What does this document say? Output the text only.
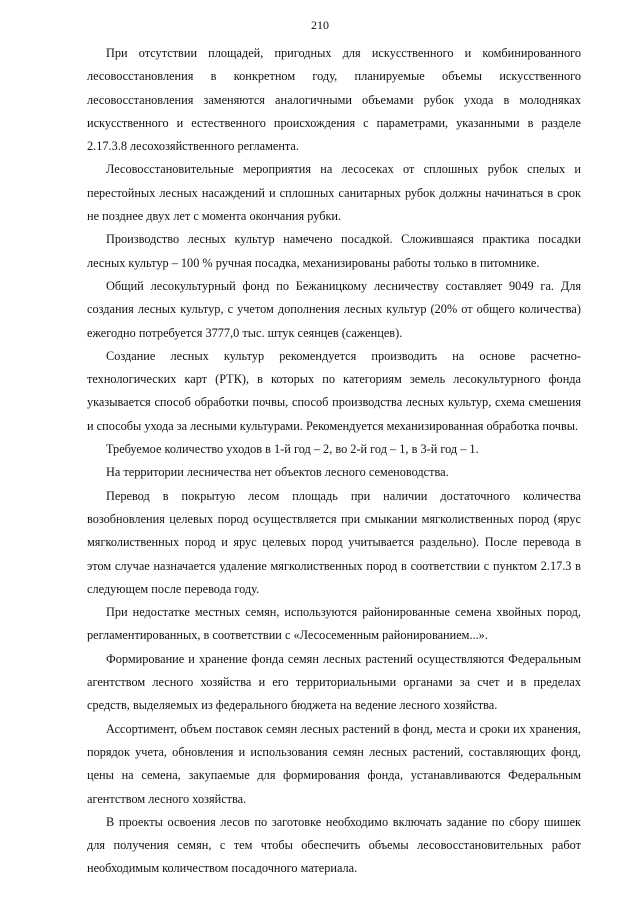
210

При отсутствии площадей, пригодных для искусственного и комбинированного лесовосстановления в конкретном году, планируемые объемы искусственного лесовосстановления заменяются аналогичными объемами рубок ухода в молодняках искусственного и естественного происхождения с параметрами, указанными в разделе 2.17.3.8 лесохозяйственного регламента.

Лесовосстановительные мероприятия на лесосеках от сплошных рубок спелых и перестойных лесных насаждений и сплошных санитарных рубок должны начинаться в срок не позднее двух лет с момента окончания рубки.

Производство лесных культур намечено посадкой. Сложившаяся практика посадки лесных культур – 100 % ручная посадка, механизированы работы только в питомнике.

Общий лесокультурный фонд по Бежаницкому лесничеству составляет 9049 га. Для создания лесных культур, с учетом дополнения лесных культур (20% от общего количества) ежегодно потребуется 3777,0 тыс. штук сеянцев (саженцев).

Создание лесных культур рекомендуется производить на основе расчетно-технологических карт (РТК), в которых по категориям земель лесокультурного фонда указывается способ обработки почвы, способ производства лесных культур, схема смешения и способы ухода за лесными культурами. Рекомендуется механизированная обработка почвы.

Требуемое количество уходов в 1-й год – 2, во 2-й год – 1, в 3-й год – 1.

На территории лесничества нет объектов лесного семеноводства.

Перевод в покрытую лесом площадь при наличии достаточного количества возобновления целевых пород осуществляется при смыкании мягколиственных пород (ярус мягколиственных пород и ярус целевых пород учитывается раздельно). После перевода в этом случае назначается удаление мягколиственных пород в соответствии с пунктом 2.17.3 в следующем после перевода году.

При недостатке местных семян, используются районированные семена хвойных пород, регламентированных, в соответствии с «Лесосеменным районированием...».

Формирование и хранение фонда семян лесных растений осуществляются Федеральным агентством лесного хозяйства и его территориальными органами за счет и в пределах средств, выделяемых из федерального бюджета на ведение лесного хозяйства.

Ассортимент, объем поставок семян лесных растений в фонд, места и сроки их хранения, порядок учета, обновления и использования семян лесных растений, составляющих фонд, цены на семена, закупаемые для формирования фонда, устанавливаются Федеральным агентством лесного хозяйства.

В проекты освоения лесов по заготовке необходимо включать задание по сбору шишек для получения семян, с тем чтобы обеспечить объемы лесовосстановительных работ необходимым количеством посадочного материала.
